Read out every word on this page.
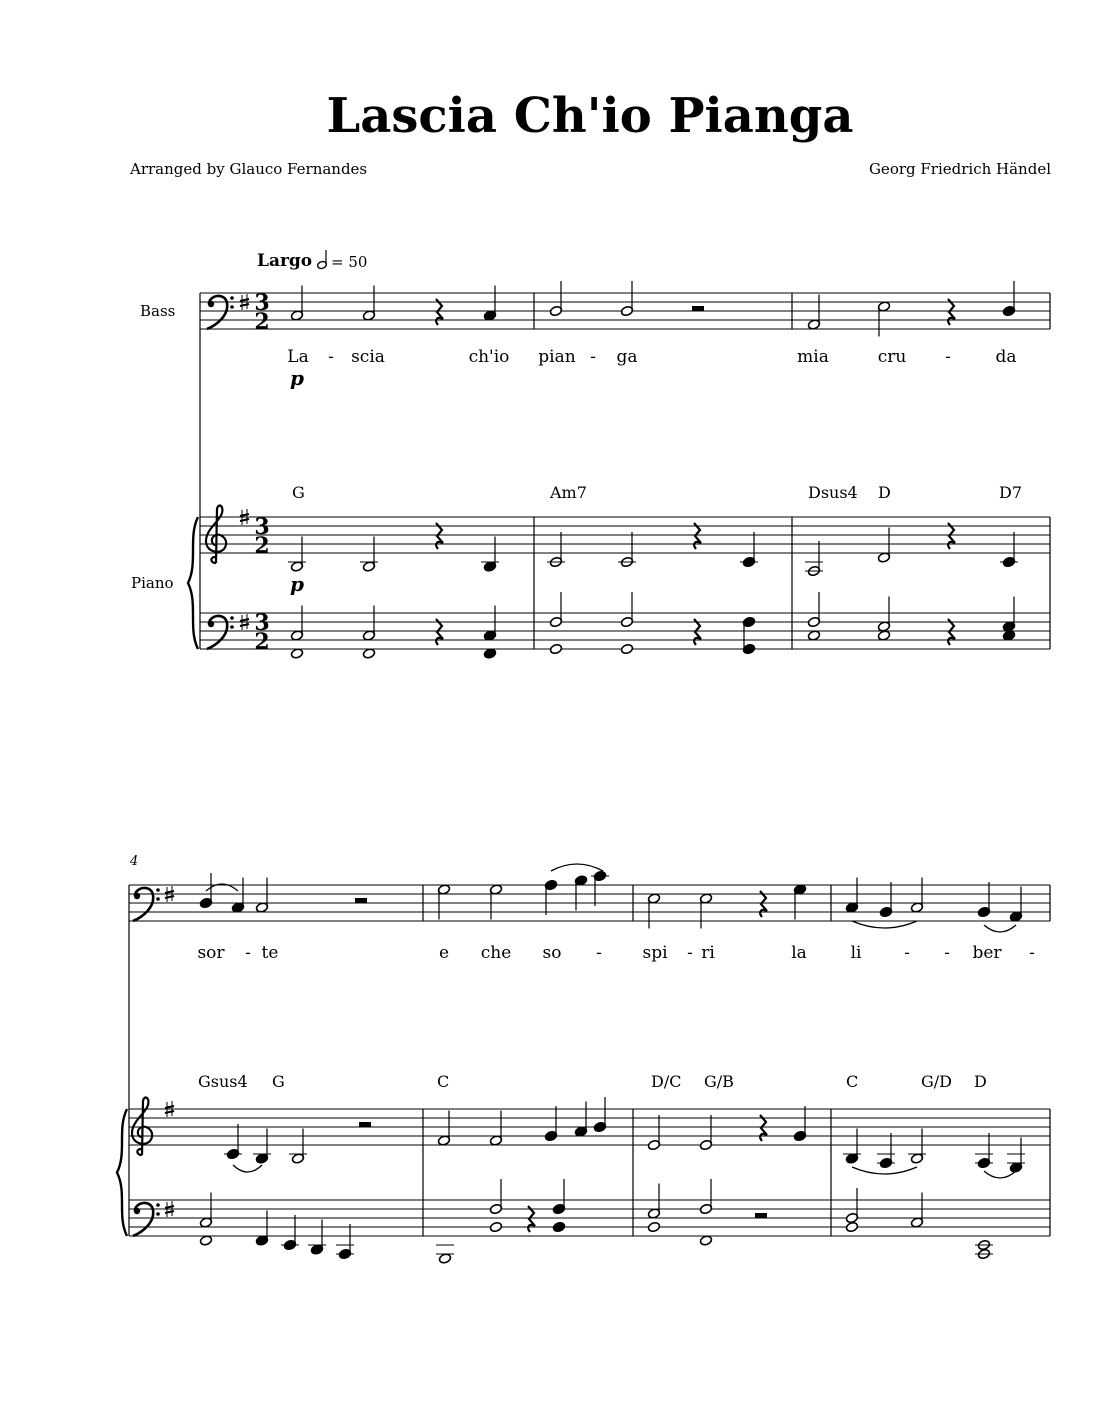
Lascia Ch'io Pianga
Arranged by Glauco Fernandes	Georg Friedrich Händel
Largo = 50
Bass
Piano
4
p
p
3
2
3
2
3
2
La - scia	ch'io pian - ga	mia	cru -	da
G	Am7	Dsus4 D	D7
sor - te	e che so - spi - ri	la	li	- - ber -
Gsus4 G	C	D/C G/B	C	G/D D
